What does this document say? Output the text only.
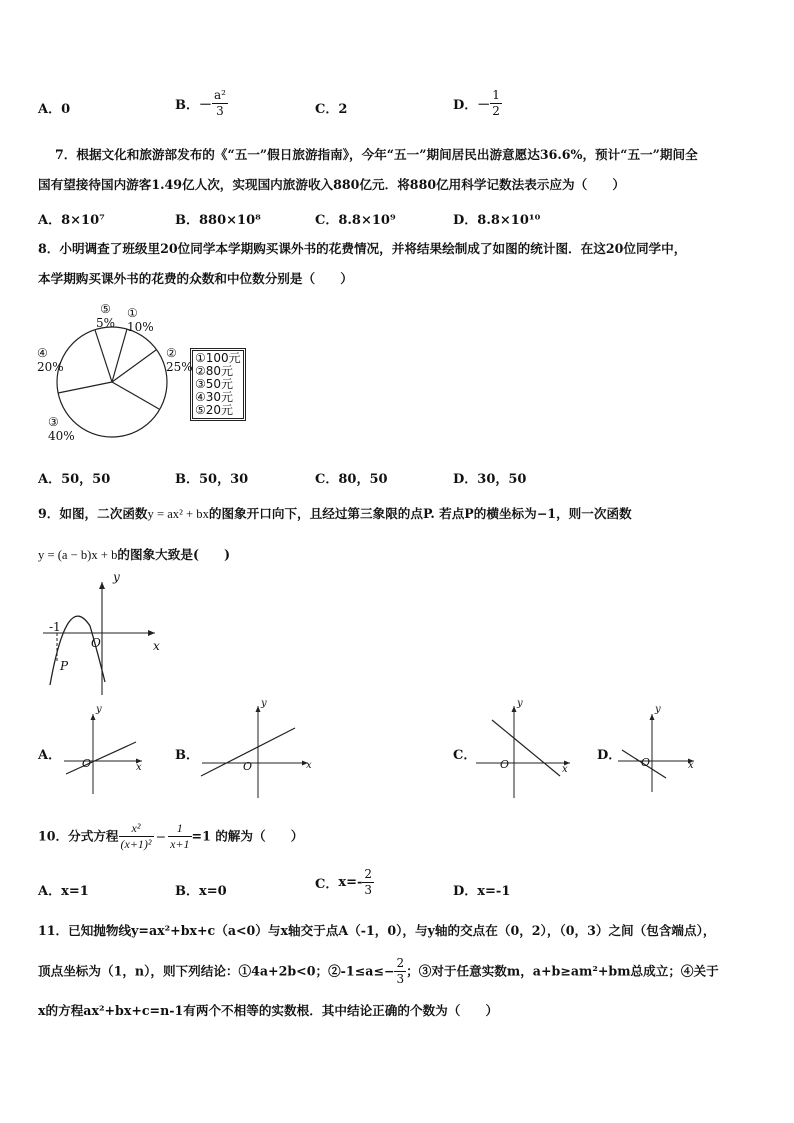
A．0	B．－ $\frac{\text{a²}}{3}$	C．2	D．－ $\frac{1}{2}$
7．根据文化和旅游部发布的《“五一”假日旅游指南》，今年“五一”期间居民出游意愿达36.6%，预计“五一”期间全
国有望接待国内游客1.49亿人次，实现国内旅游收入880亿元．将880亿用科学记数法表示应为（　　）
A．8×10⁷	B．880×10⁸	C．8.8×10⁹	D．8.8×10¹⁰
8．小明调查了班级里20位同学本学期购买课外书的花费情况，并将结果绘制成了如图的统计图．在这20位同学中，
本学期购买课外书的花费的众数和中位数分别是（　　）
⑤
5%
①
10%
②
25%
④
20%
③
40%
①100元
②80元
③50元
④30元
⑤20元
A．50，50	B．50，30	C．80，50	D．30，50
9．如图，二次函数y = ax² + bx的图象开口向下，且经过第三象限的点P. 若点P的横坐标为−1，则一次函数
y = (a − b)x + b的图象大致是(　　)
y
x
O
-1
P
A．
y
x
O
B．
y
x
O
C．
y
x
O
D．
y
x
O
10．分式方程 $\frac{\text{x²}}{\text{(x+1)²}} - \frac{1}{x+1} =1$ 的解为（　　）
A．x=1	B．x=0	C．$x=- \frac{2}{3}$	D．x=-1
11．已知抛物线y=ax²+bx+c（a<0）与x轴交于点A（-1，0），与y轴的交点在（0，2），（0，3）之间（包含端点），
顶点坐标为（1，n），则下列结论：①4a+2b<0；②-1≤a≤− $\frac{2}{3}$ ；③对于任意实数m，a+b≥am²+bm总成立；④关于
x的方程ax²+bx+c=n-1有两个不相等的实数根．其中结论正确的个数为（　　）
